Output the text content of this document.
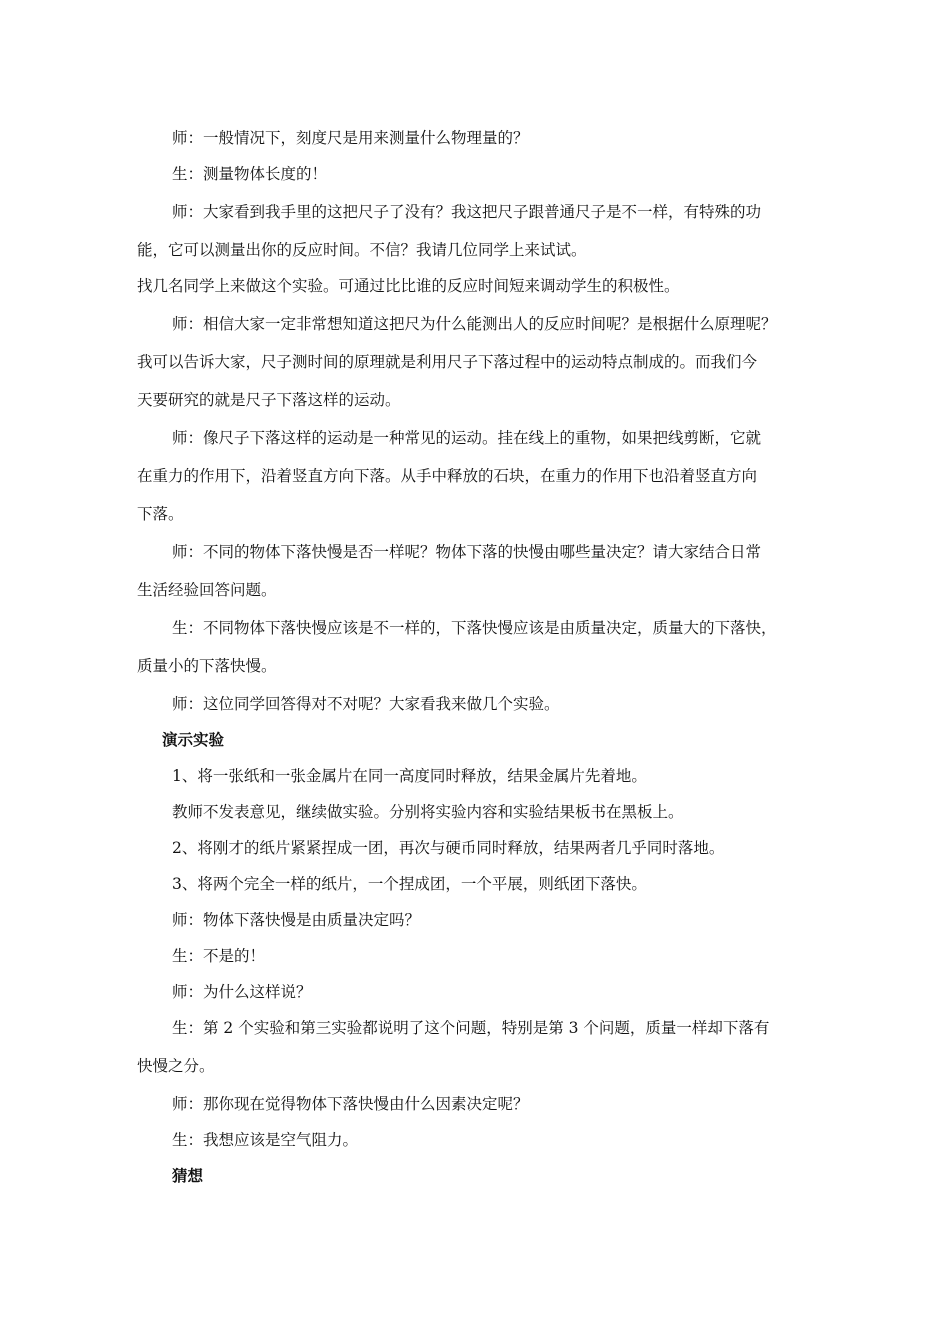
师：一般情况下，刻度尺是用来测量什么物理量的？
生：测量物体长度的！
师：大家看到我手里的这把尺子了没有？我这把尺子跟普通尺子是不一样，有特殊的功
能，它可以测量出你的反应时间。不信？我请几位同学上来试试。
找几名同学上来做这个实验。可通过比比谁的反应时间短来调动学生的积极性。
师：相信大家一定非常想知道这把尺为什么能测出人的反应时间呢？是根据什么原理呢？
我可以告诉大家，尺子测时间的原理就是利用尺子下落过程中的运动特点制成的。而我们今
天要研究的就是尺子下落这样的运动。
师：像尺子下落这样的运动是一种常见的运动。挂在线上的重物，如果把线剪断，它就
在重力的作用下，沿着竖直方向下落。从手中释放的石块，在重力的作用下也沿着竖直方向
下落。
师：不同的物体下落快慢是否一样呢？物体下落的快慢由哪些量决定？请大家结合日常
生活经验回答问题。
生：不同物体下落快慢应该是不一样的，下落快慢应该是由质量决定，质量大的下落快，
质量小的下落快慢。
师：这位同学回答得对不对呢？大家看我来做几个实验。
演示实验
1、将一张纸和一张金属片在同一高度同时释放，结果金属片先着地。
教师不发表意见，继续做实验。分别将实验内容和实验结果板书在黑板上。
2、将刚才的纸片紧紧捏成一团，再次与硬币同时释放，结果两者几乎同时落地。
3、将两个完全一样的纸片，一个捏成团，一个平展，则纸团下落快。
师：物体下落快慢是由质量决定吗？
生：不是的！
师：为什么这样说？
生：第 2 个实验和第三实验都说明了这个问题，特别是第 3 个问题，质量一样却下落有
快慢之分。
师：那你现在觉得物体下落快慢由什么因素决定呢？
生：我想应该是空气阻力。
猜想
